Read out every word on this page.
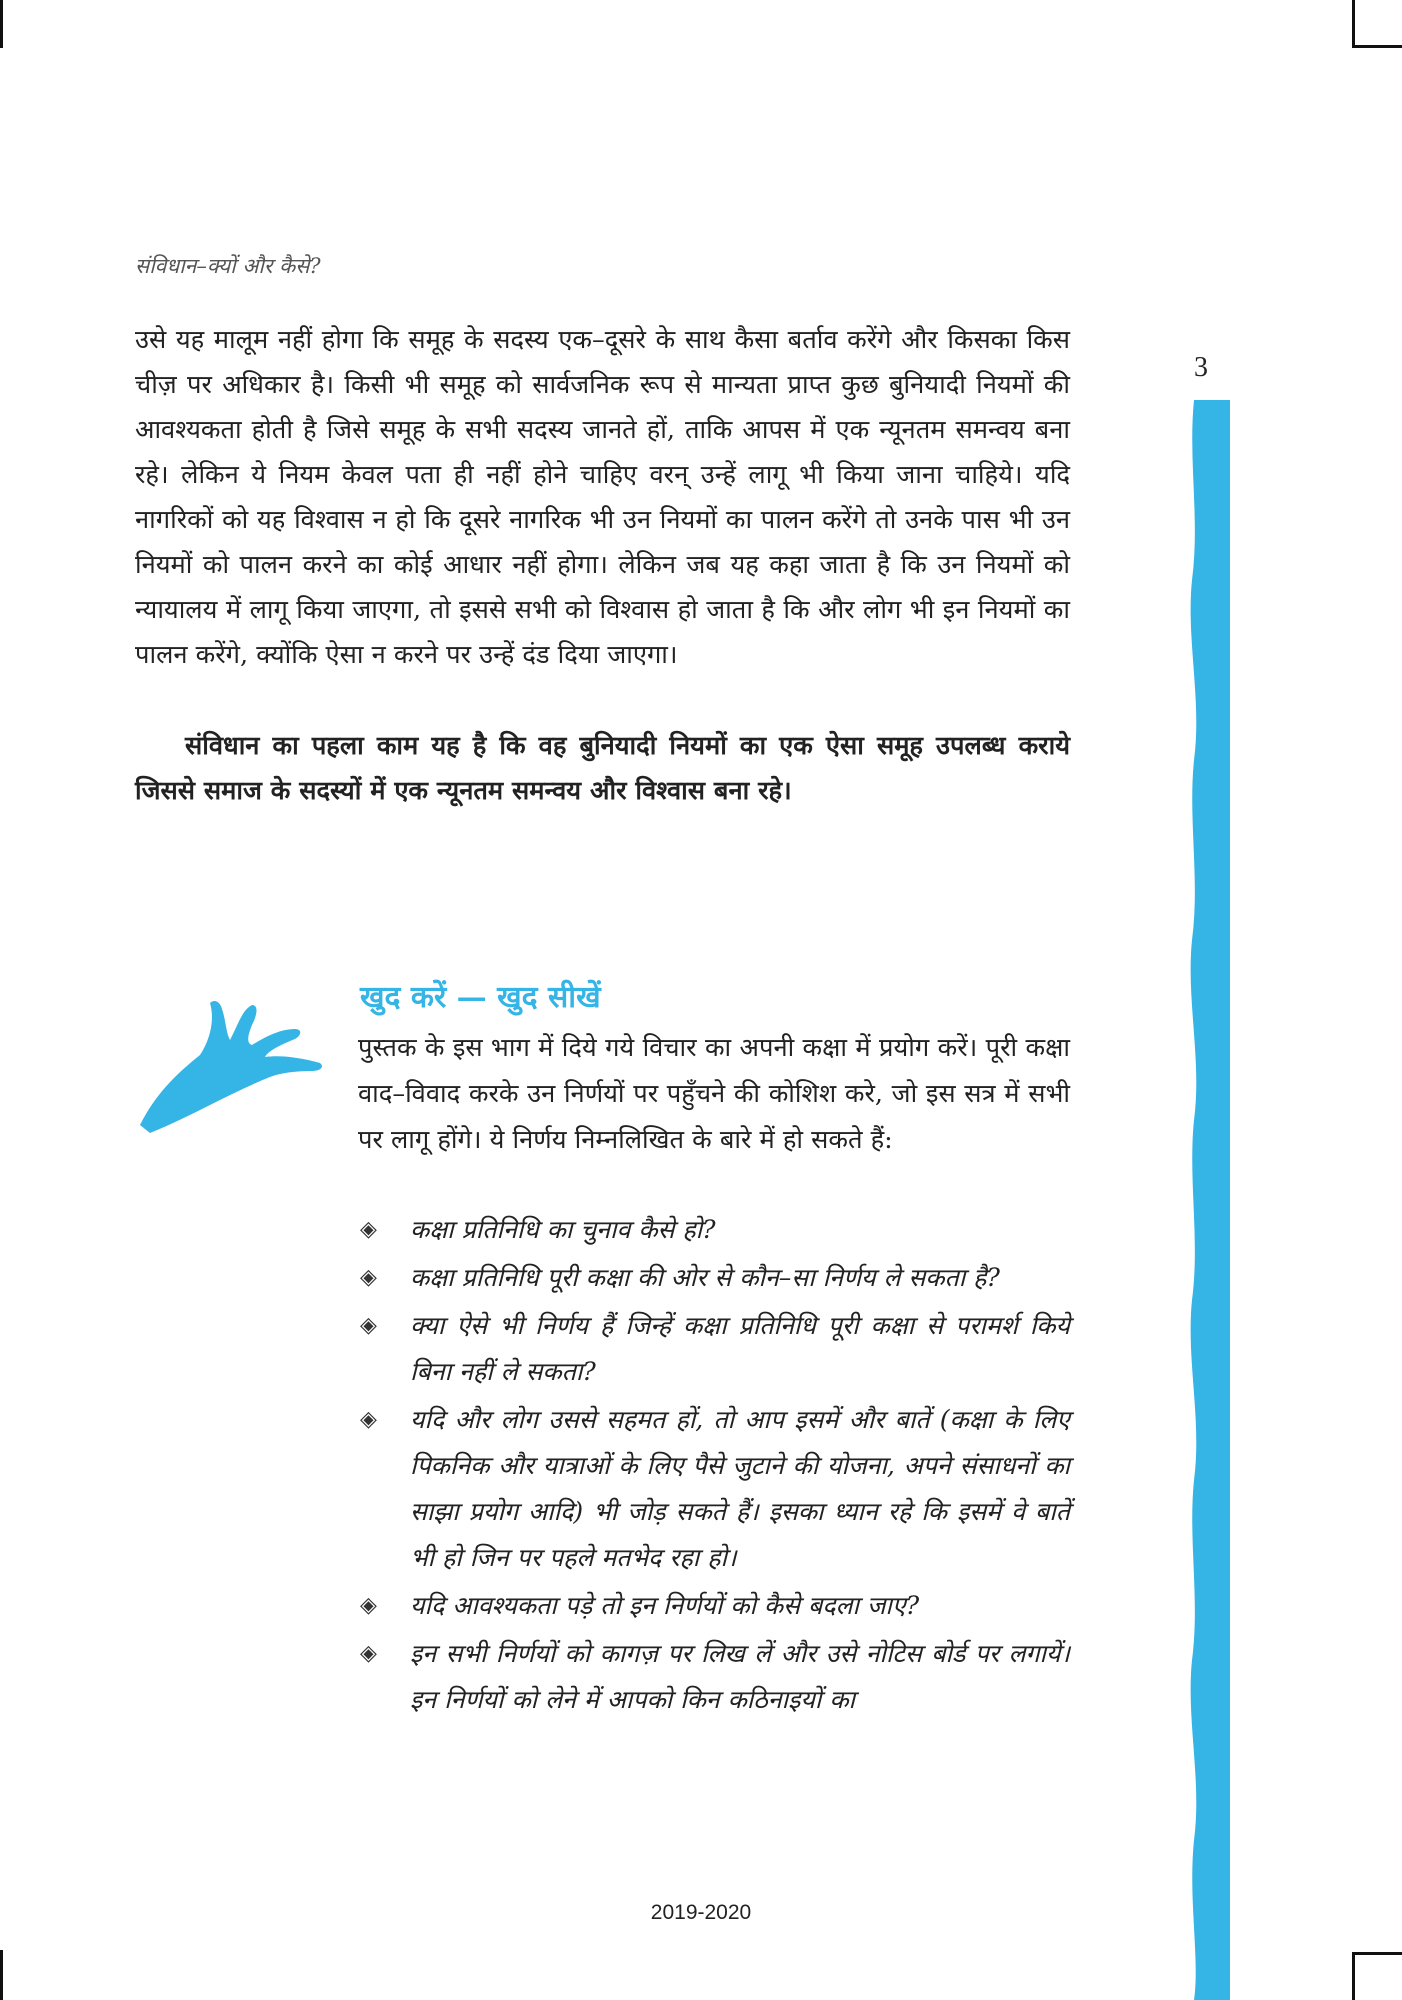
संविधान–क्यों और कैसे?
3

उसे यह मालूम नहीं होगा कि समूह के सदस्य एक–दूसरे के साथ कैसा बर्ताव करेंगे और किसका किस चीज़ पर अधिकार है। किसी भी समूह को सार्वजनिक रूप से मान्यता प्राप्त कुछ बुनियादी नियमों की आवश्यकता होती है जिसे समूह के सभी सदस्य जानते हों, ताकि आपस में एक न्यूनतम समन्वय बना रहे। लेकिन ये नियम केवल पता ही नहीं होने चाहिए वरन् उन्हें लागू भी किया जाना चाहिये। यदि नागरिकों को यह विश्वास न हो कि दूसरे नागरिक भी उन नियमों का पालन करेंगे तो उनके पास भी उन नियमों को पालन करने का कोई आधार नहीं होगा। लेकिन जब यह कहा जाता है कि उन नियमों को न्यायालय में लागू किया जाएगा, तो इससे सभी को विश्वास हो जाता है कि और लोग भी इन नियमों का पालन करेंगे, क्योंकि ऐसा न करने पर उन्हें दंड दिया जाएगा।

संविधान का पहला काम यह है कि वह बुनियादी नियमों का एक ऐसा समूह उपलब्ध कराये जिससे समाज के सदस्यों में एक न्यूनतम समन्वय और विश्वास बना रहे।

खुद करें — खुद सीखें

पुस्तक के इस भाग में दिये गये विचार का अपनी कक्षा में प्रयोग करें। पूरी कक्षा वाद–विवाद करके उन निर्णयों पर पहुँचने की कोशिश करे, जो इस सत्र में सभी पर लागू होंगे। ये निर्णय निम्नलिखित के बारे में हो सकते हैं:

◈ कक्षा प्रतिनिधि का चुनाव कैसे हो?
◈ कक्षा प्रतिनिधि पूरी कक्षा की ओर से कौन–सा निर्णय ले सकता है?
◈ क्या ऐसे भी निर्णय हैं जिन्हें कक्षा प्रतिनिधि पूरी कक्षा से परामर्श किये बिना नहीं ले सकता?
◈ यदि और लोग उससे सहमत हों, तो आप इसमें और बातें (कक्षा के लिए पिकनिक और यात्राओं के लिए पैसे जुटाने की योजना, अपने संसाधनों का साझा प्रयोग आदि) भी जोड़ सकते हैं। इसका ध्यान रहे कि इसमें वे बातें भी हो जिन पर पहले मतभेद रहा हो।
◈ यदि आवश्यकता पड़े तो इन निर्णयों को कैसे बदला जाए?
◈ इन सभी निर्णयों को कागज़ पर लिख लें और उसे नोटिस बोर्ड पर लगायें। इन निर्णयों को लेने में आपको किन कठिनाइयों का
2019-2020
